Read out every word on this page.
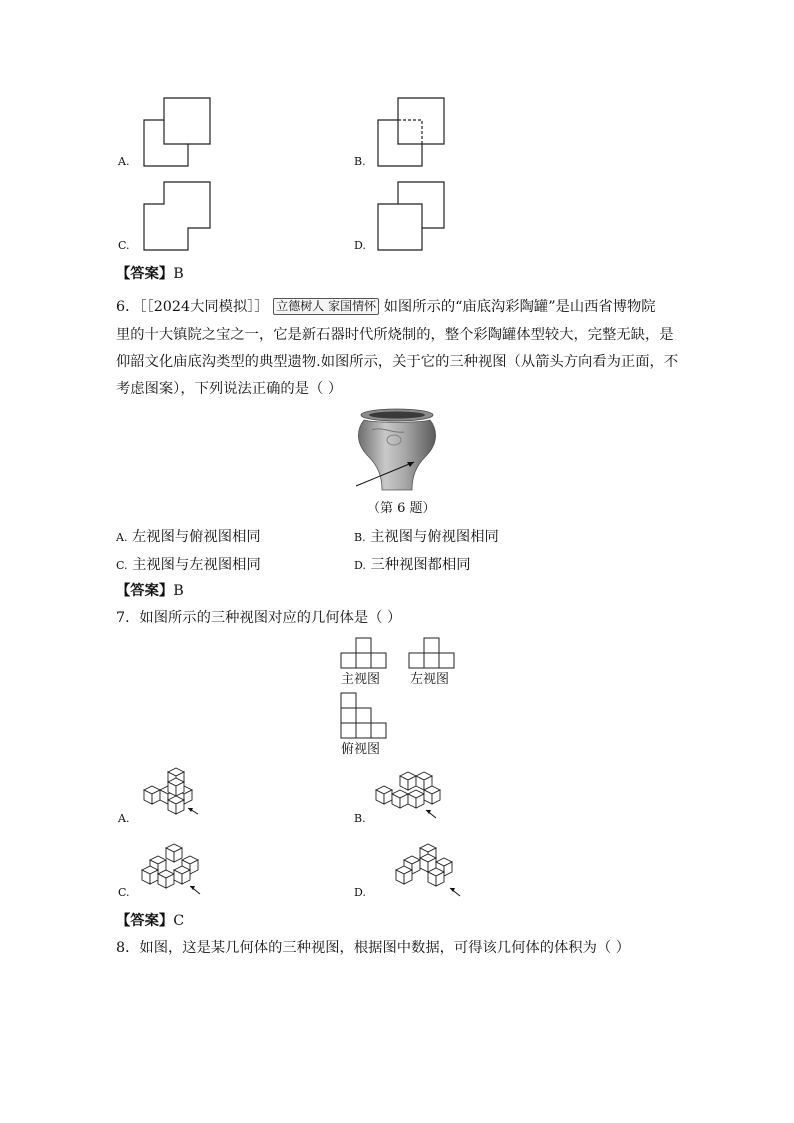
A.	B.
C.	D.
【答案】B
6．［［2024大同模拟］］ 立德树人 家国情怀 如图所示的“庙底沟彩陶罐”是山西省博物院
里的十大镇院之宝之一，它是新石器时代所烧制的，整个彩陶罐体型较大，完整无缺，是
仰韶文化庙底沟类型的典型遗物.如图所示，关于它的三种视图（从箭头方向看为正面，不
考虑图案），下列说法正确的是（ ）
（第 6 题）
A. 左视图与俯视图相同	B. 主视图与俯视图相同
C. 主视图与左视图相同	D. 三种视图都相同
【答案】B
7．如图所示的三种视图对应的几何体是（ ）
主视图 左视图
俯视图
A.	B.
C.	D.
【答案】C
8．如图，这是某几何体的三种视图，根据图中数据，可得该几何体的体积为（ ）
